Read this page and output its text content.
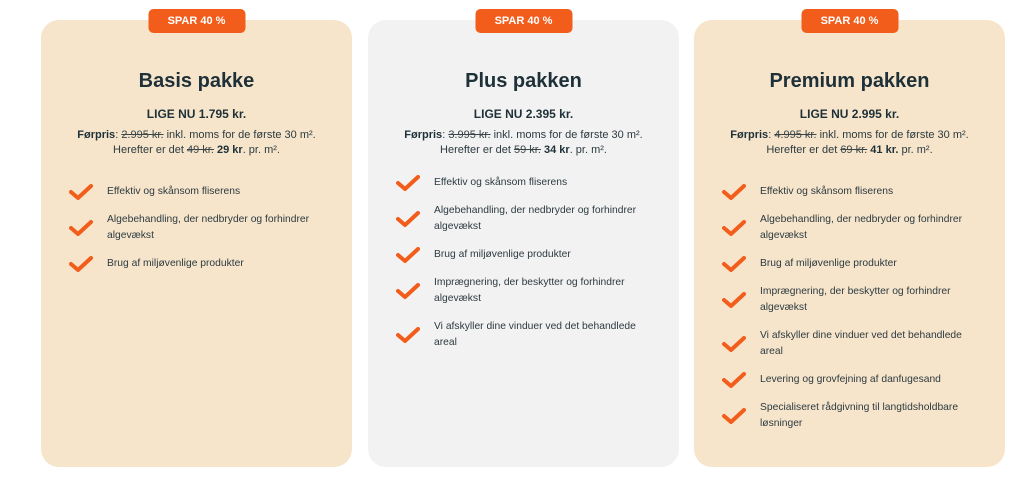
SPAR 40 %
Basis pakke
LIGE NU 1.795 kr.
Førpris: 2.995 kr. inkl. moms for de første 30 m².
Herefter er det 49 kr. 29 kr. pr. m².
Effektiv og skånsom fliserens
Algebehandling, der nedbryder og forhindrer algevækst
Brug af miljøvenlige produkter
SPAR 40 %
Plus pakken
LIGE NU 2.395 kr.
Førpris: 3.995 kr. inkl. moms for de første 30 m².
Herefter er det 59 kr. 34 kr. pr. m².
Effektiv og skånsom fliserens
Algebehandling, der nedbryder og forhindrer algevækst
Brug af miljøvenlige produkter
Imprægnering, der beskytter og forhindrer algevækst
Vi afskyller dine vinduer ved det behandlede areal
SPAR 40 %
Premium pakken
LIGE NU 2.995 kr.
Førpris: 4.995 kr. inkl. moms for de første 30 m².
Herefter er det 69 kr. 41 kr. pr. m².
Effektiv og skånsom fliserens
Algebehandling, der nedbryder og forhindrer algevækst
Brug af miljøvenlige produkter
Imprægnering, der beskytter og forhindrer algevækst
Vi afskyller dine vinduer ved det behandlede areal
Levering og grovfejning af danfugesand
Specialiseret rådgivning til langtidsholdbare løsninger
